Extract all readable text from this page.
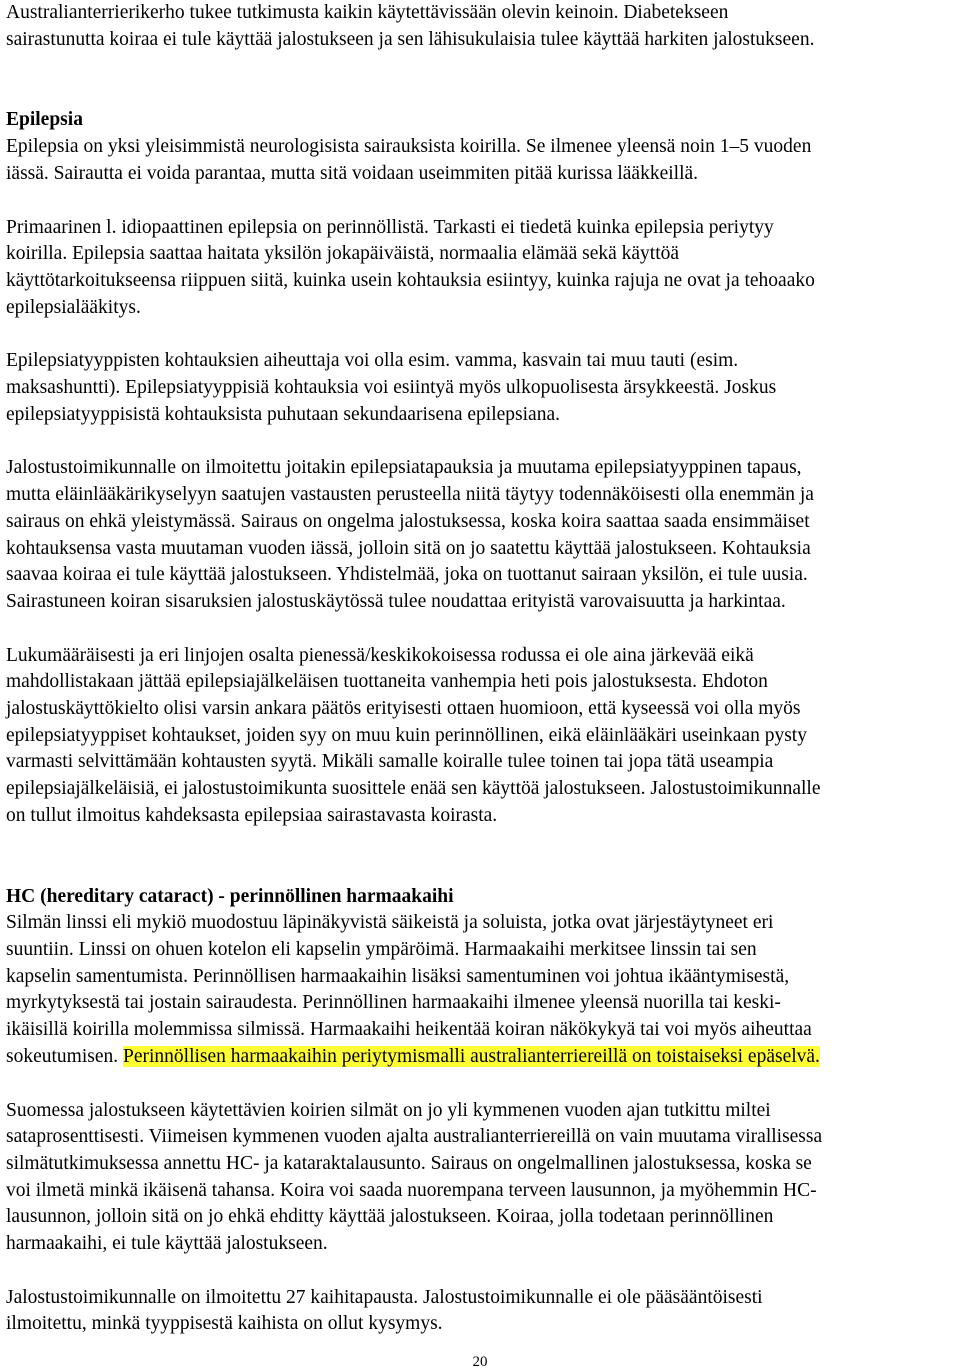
Australianterrierikerho tukee tutkimusta kaikin käytettävissään olevin keinoin. Diabetekseen
sairastunutta koiraa ei tule käyttää jalostukseen ja sen lähisukulaisia tulee käyttää harkiten jalostukseen.
Epilepsia
Epilepsia on yksi yleisimmistä neurologisista sairauksista koirilla. Se ilmenee yleensä noin 1–5 vuoden
iässä. Sairautta ei voida parantaa, mutta sitä voidaan useimmiten pitää kurissa lääkkeillä.
Primaarinen l. idiopaattinen epilepsia on perinnöllistä. Tarkasti ei tiedetä kuinka epilepsia periytyy
koirilla. Epilepsia saattaa haitata yksilön jokapäiväistä, normaalia elämää sekä käyttöä
käyttötarkoitukseensa riippuen siitä, kuinka usein kohtauksia esiintyy, kuinka rajuja ne ovat ja tehoaako
epilepsialääkitys.
Epilepsiatyyppisten kohtauksien aiheuttaja voi olla esim. vamma, kasvain tai muu tauti (esim.
maksashuntti). Epilepsiatyyppisiä kohtauksia voi esiintyä myös ulkopuolisesta ärsykkeestä. Joskus
epilepsiatyyppisistä kohtauksista puhutaan sekundaarisena epilepsiana.
Jalostustoimikunnalle on ilmoitettu joitakin epilepsiatapauksia ja muutama epilepsiatyyppinen tapaus,
mutta eläinlääkärikyselyyn saatujen vastausten perusteella niitä täytyy todennäköisesti olla enemmän ja
sairaus on ehkä yleistymässä. Sairaus on ongelma jalostuksessa, koska koira saattaa saada ensimmäiset
kohtauksensa vasta muutaman vuoden iässä, jolloin sitä on jo saatettu käyttää jalostukseen. Kohtauksia
saavaa koiraa ei tule käyttää jalostukseen. Yhdistelmää, joka on tuottanut sairaan yksilön, ei tule uusia.
Sairastuneen koiran sisaruksien jalostuskäytössä tulee noudattaa erityistä varovaisuutta ja harkintaa.
Lukumääräisesti ja eri linjojen osalta pienessä/keskikokoisessa rodussa ei ole aina järkevää eikä
mahdollistakaan jättää epilepsiajälkeläisen tuottaneita vanhempia heti pois jalostuksesta. Ehdoton
jalostuskäyttökielto olisi varsin ankara päätös erityisesti ottaen huomioon, että kyseessä voi olla myös
epilepsiatyyppiset kohtaukset, joiden syy on muu kuin perinnöllinen, eikä eläinlääkäri useinkaan pysty
varmasti selvittämään kohtausten syytä. Mikäli samalle koiralle tulee toinen tai jopa tätä useampia
epilepsiajälkeläisiä, ei jalostustoimikunta suosittele enää sen käyttöä jalostukseen. Jalostustoimikunnalle
on tullut ilmoitus kahdeksasta epilepsiaa sairastavasta koirasta.
HC (hereditary cataract) - perinnöllinen harmaakaihi
Silmän linssi eli mykiö muodostuu läpinäkyvistä säikeistä ja soluista, jotka ovat järjestäytyneet eri
suuntiin. Linssi on ohuen kotelon eli kapselin ympäröimä. Harmaakaihi merkitsee linssin tai sen
kapselin samentumista. Perinnöllisen harmaakaihin lisäksi samentuminen voi johtua ikääntymisestä,
myrkytyksestä tai jostain sairaudesta. Perinnöllinen harmaakaihi ilmenee yleensä nuorilla tai keski-
ikäisillä koirilla molemmissa silmissä. Harmaakaihi heikentää koiran näkökykyä tai voi myös aiheuttaa
sokeutumisen. Perinnöllisen harmaakaihin periytymismalli australianterriereillä on toistaiseksi epäselvä.
Suomessa jalostukseen käytettävien koirien silmät on jo yli kymmenen vuoden ajan tutkittu miltei
sataprosenttisesti. Viimeisen kymmenen vuoden ajalta australianterriereillä on vain muutama virallisessa
silmätutkimuksessa annettu HC- ja kataraktalausunto. Sairaus on ongelmallinen jalostuksessa, koska se
voi ilmetä minkä ikäisenä tahansa. Koira voi saada nuorempana terveen lausunnon, ja myöhemmin HC-
lausunnon, jolloin sitä on jo ehkä ehditty käyttää jalostukseen. Koiraa, jolla todetaan perinnöllinen
harmaakaihi, ei tule käyttää jalostukseen.
Jalostustoimikunnalle on ilmoitettu 27 kaihitapausta. Jalostustoimikunnalle ei ole pääsääntöisesti
ilmoitettu, minkä tyyppisestä kaihista on ollut kysymys.
20
